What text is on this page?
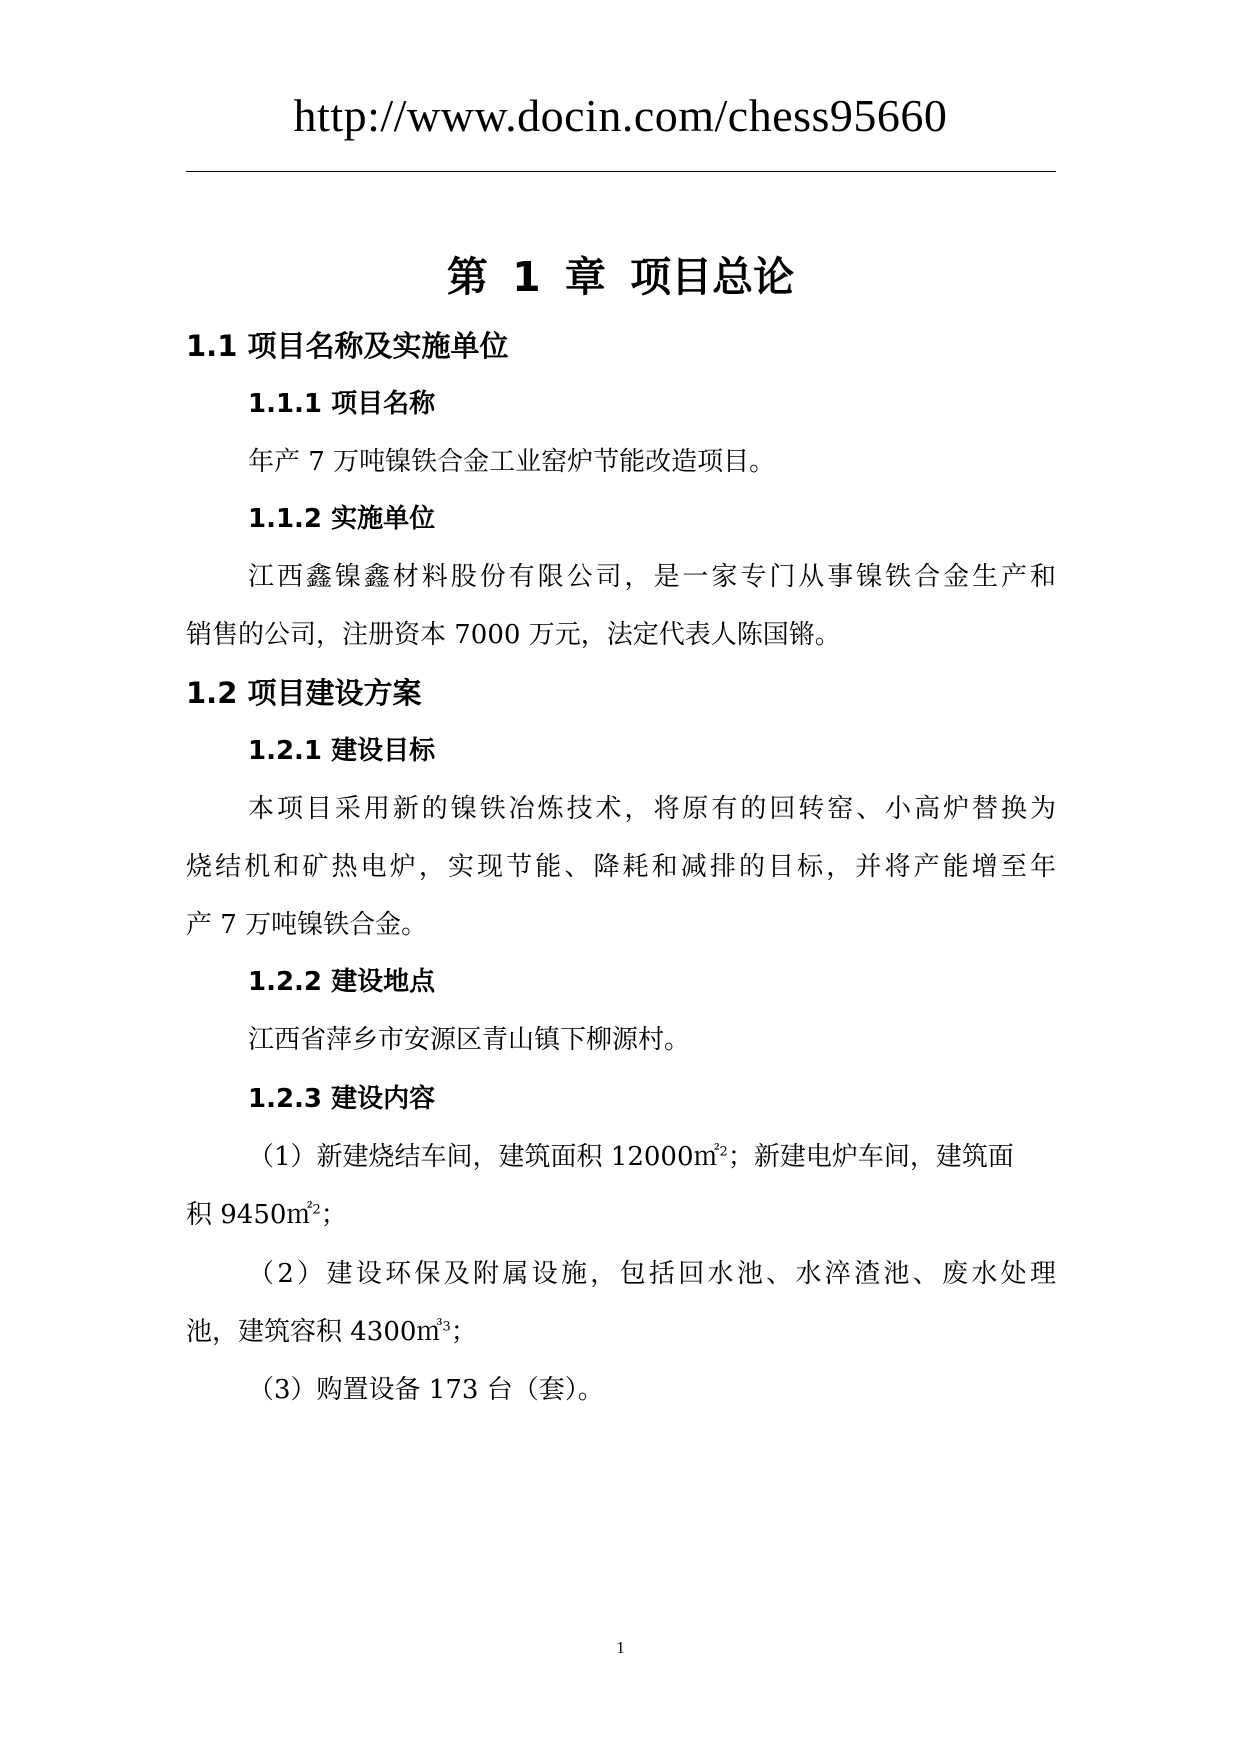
http://www.docin.com/chess95660
第 1 章 项目总论
1.1 项目名称及实施单位
1.1.1 项目名称
年产 7 万吨镍铁合金工业窑炉节能改造项目。
1.1.2 实施单位
江西鑫镍鑫材料股份有限公司，是一家专门从事镍铁合金生产和
销售的公司，注册资本 7000 万元，法定代表人陈国锵。
1.2 项目建设方案
1.2.1 建设目标
本项目采用新的镍铁冶炼技术，将原有的回转窑、小高炉替换为
烧结机和矿热电炉，实现节能、降耗和减排的目标，并将产能增至年
产 7 万吨镍铁合金。
1.2.2 建设地点
江西省萍乡市安源区青山镇下柳源村。
1.2.3 建设内容
（1）新建烧结车间，建筑面积 12000㎡$^2$；新建电炉车间，建筑面
积 9450㎡$^2$；
（2）建设环保及附属设施，包括回水池、水淬渣池、废水处理
池，建筑容积 4300㎥$^3$；
（3）购置设备 173 台（套）。
1
